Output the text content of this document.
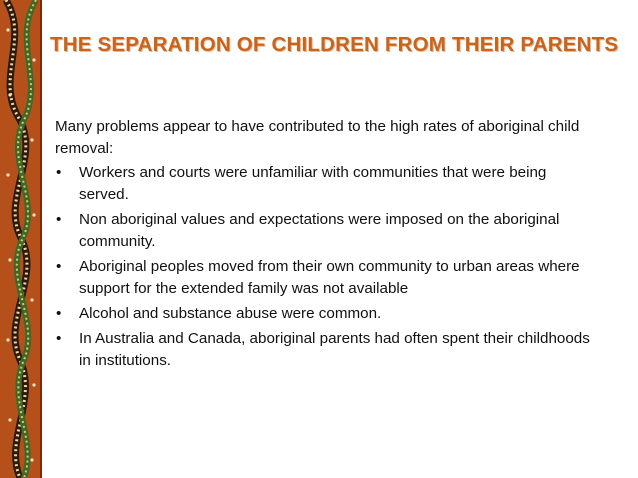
THE SEPARATION OF CHILDREN FROM THEIR PARENTS

Many problems appear to have contributed to the high rates of aboriginal child removal:

• Workers and courts were unfamiliar with communities that were being served.
• Non aboriginal values and expectations were imposed on the aboriginal community.
• Aboriginal peoples moved from their own community to urban areas where support for the extended family was not available
• Alcohol and substance abuse were common.
• In Australia and Canada, aboriginal parents had often spent their childhoods in institutions.
